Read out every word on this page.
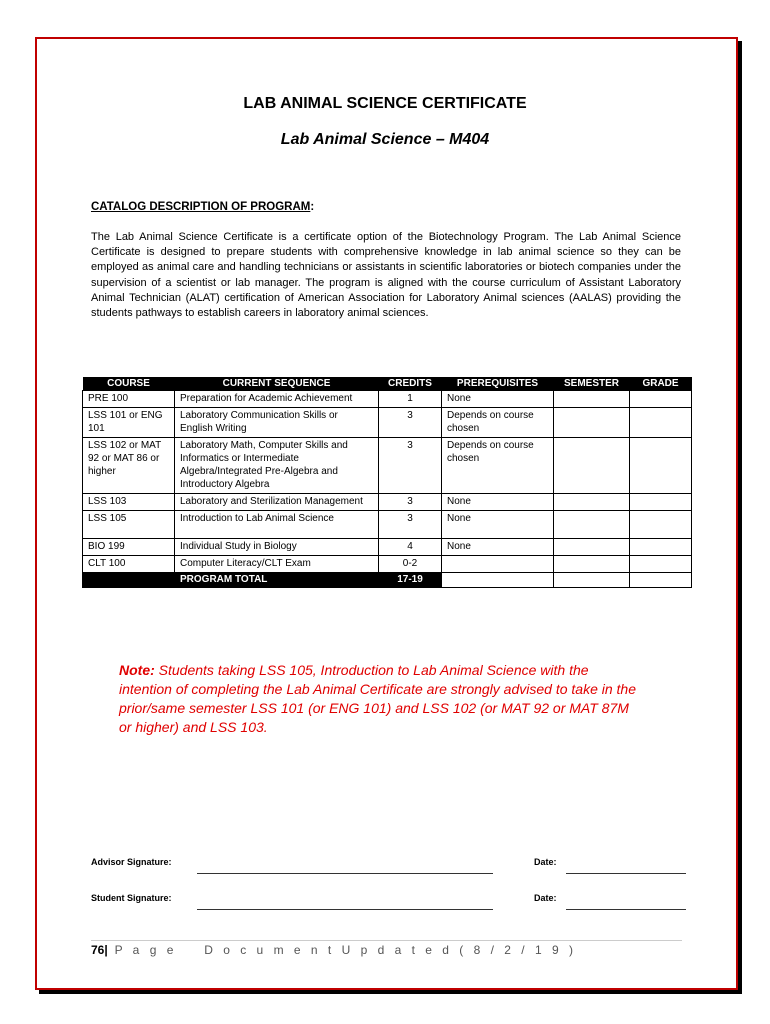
LAB ANIMAL SCIENCE CERTIFICATE
Lab Animal Science – M404
CATALOG DESCRIPTION OF PROGRAM:
The Lab Animal Science Certificate is a certificate option of the Biotechnology Program. The Lab Animal Science Certificate is designed to prepare students with comprehensive knowledge in lab animal science so they can be employed as animal care and handling technicians or assistants in scientific laboratories or biotech companies under the supervision of a scientist or lab manager. The program is aligned with the course curriculum of Assistant Laboratory Animal Technician (ALAT) certification of American Association for Laboratory Animal sciences (AALAS) providing the students pathways to establish careers in laboratory animal sciences.
COURSE	CURRENT SEQUENCE	CREDITS	PREREQUISITES	SEMESTER	GRADE
PRE 100	Preparation for Academic Achievement	1	None		
LSS 101 or ENG 101	Laboratory Communication Skills or English Writing	3	Depends on course chosen		
LSS 102 or MAT 92 or MAT 86 or higher	Laboratory Math, Computer Skills and Informatics or Intermediate Algebra/Integrated Pre-Algebra and Introductory Algebra	3	Depends on course chosen		
LSS 103	Laboratory and Sterilization Management	3	None		
LSS 105	Introduction to Lab Animal Science	3	None		
BIO 199	Individual Study in Biology	4	None		
CLT 100	Computer Literacy/CLT Exam	0-2			
	PROGRAM TOTAL	17-19			
Note: Students taking LSS 105, Introduction to Lab Animal Science with the intention of completing the Lab Animal Certificate are strongly advised to take in the prior/same semester LSS 101 (or ENG 101) and LSS 102 (or MAT 92 or MAT 87M or higher) and LSS 103.
Advisor Signature:	Date:
Student Signature:	Date:
76| P a g e D o c u m e n t U p d a t e d ( 8 / 2 / 1 9 )
